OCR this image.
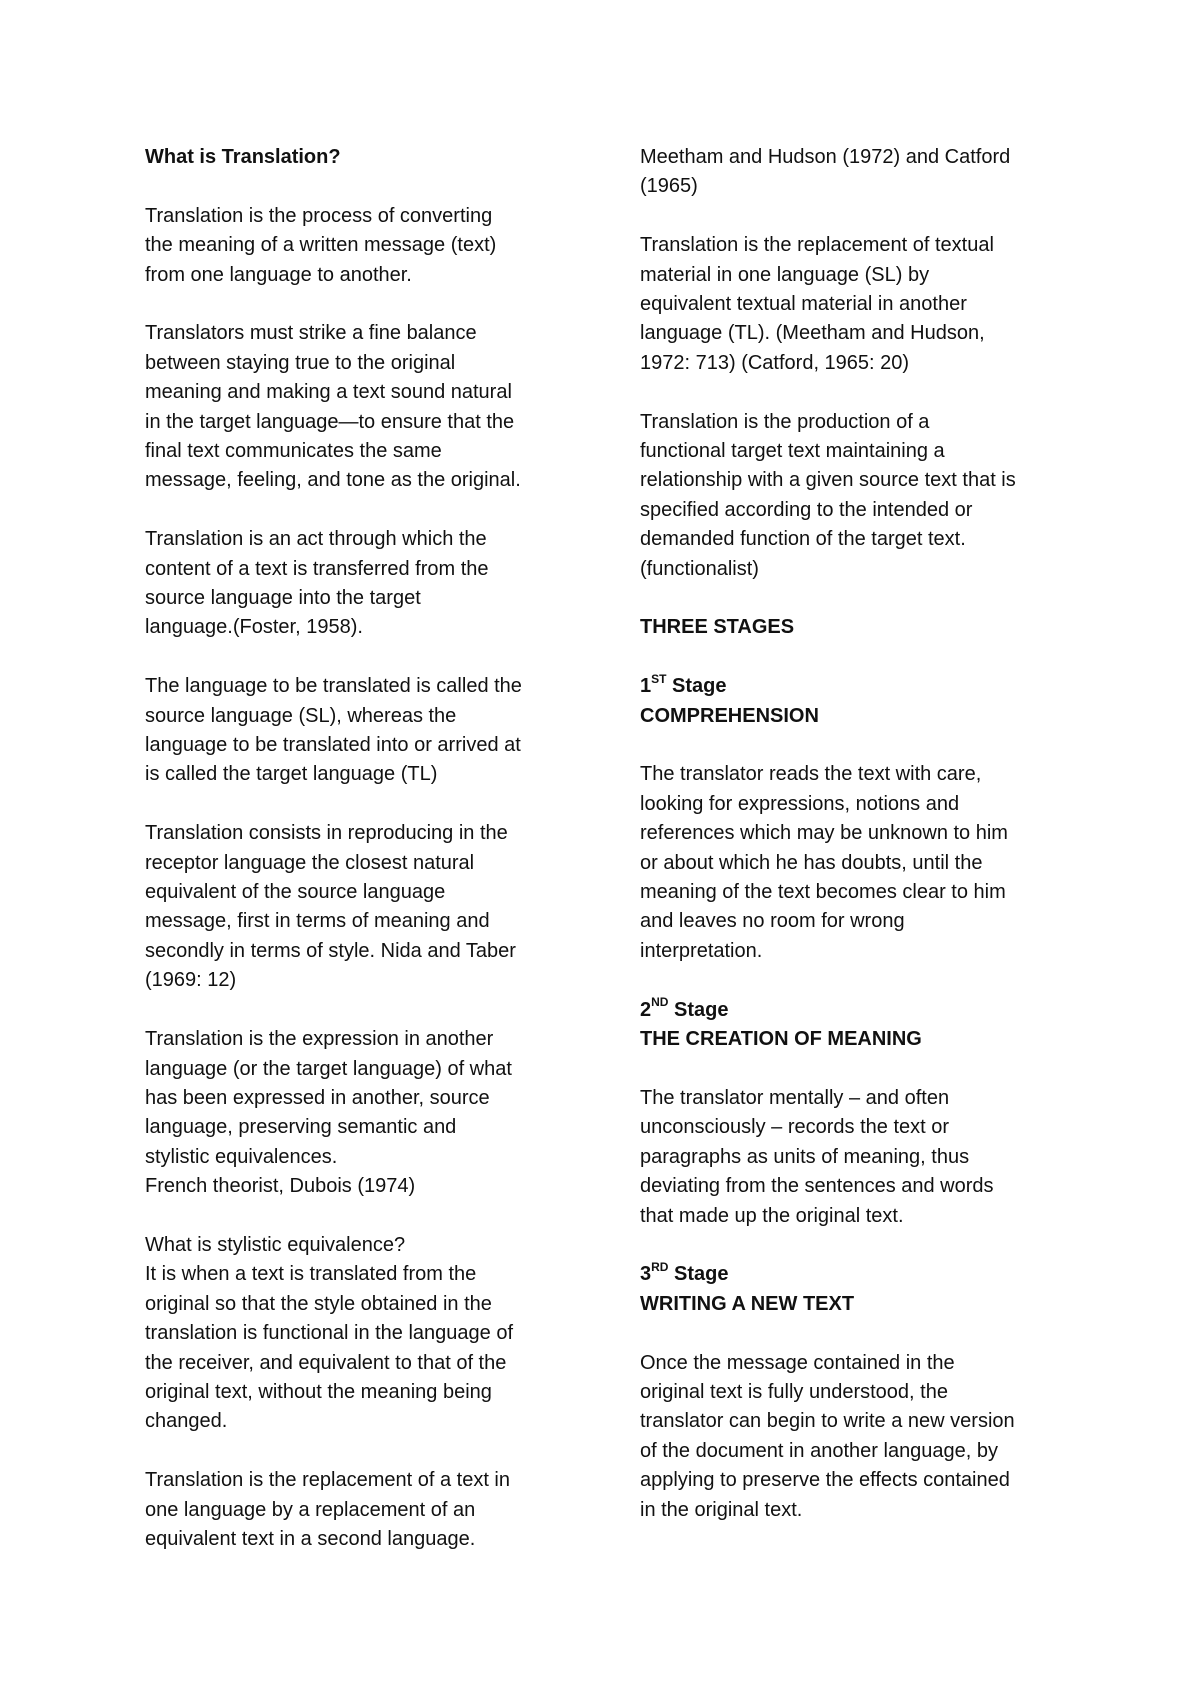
What is Translation?

Translation is the process of converting
the meaning of a written message (text)
from one language to another.

Translators must strike a fine balance
between staying true to the original
meaning and making a text sound natural
in the target language—to ensure that the
final text communicates the same
message, feeling, and tone as the original.

Translation is an act through which the
content of a text is transferred from the
source language into the target
language.(Foster, 1958).

The language to be translated is called the
source language (SL), whereas the
language to be translated into or arrived at
is called the target language (TL)

Translation consists in reproducing in the
receptor language the closest natural
equivalent of the source language
message, first in terms of meaning and
secondly in terms of style. Nida and Taber
(1969: 12)

Translation is the expression in another
language (or the target language) of what
has been expressed in another, source
language, preserving semantic and
stylistic equivalences.
French theorist, Dubois (1974)

What is stylistic equivalence?
It is when a text is translated from the
original so that the style obtained in the
translation is functional in the language of
the receiver, and equivalent to that of the
original text, without the meaning being
changed.

Translation is the replacement of a text in
one language by a replacement of an
equivalent text in a second language.

Meetham and Hudson (1972) and Catford
(1965)

Translation is the replacement of textual
material in one language (SL) by
equivalent textual material in another
language (TL). (Meetham and Hudson,
1972: 713) (Catford, 1965: 20)

Translation is the production of a
functional target text maintaining a
relationship with a given source text that is
specified according to the intended or
demanded function of the target text.
(functionalist)

THREE STAGES

1ST Stage
COMPREHENSION

The translator reads the text with care,
looking for expressions, notions and
references which may be unknown to him
or about which he has doubts, until the
meaning of the text becomes clear to him
and leaves no room for wrong
interpretation.

2ND Stage
THE CREATION OF MEANING

The translator mentally – and often
unconsciously – records the text or
paragraphs as units of meaning, thus
deviating from the sentences and words
that made up the original text.

3RD Stage
WRITING A NEW TEXT

Once the message contained in the
original text is fully understood, the
translator can begin to write a new version
of the document in another language, by
applying to preserve the effects contained
in the original text.
